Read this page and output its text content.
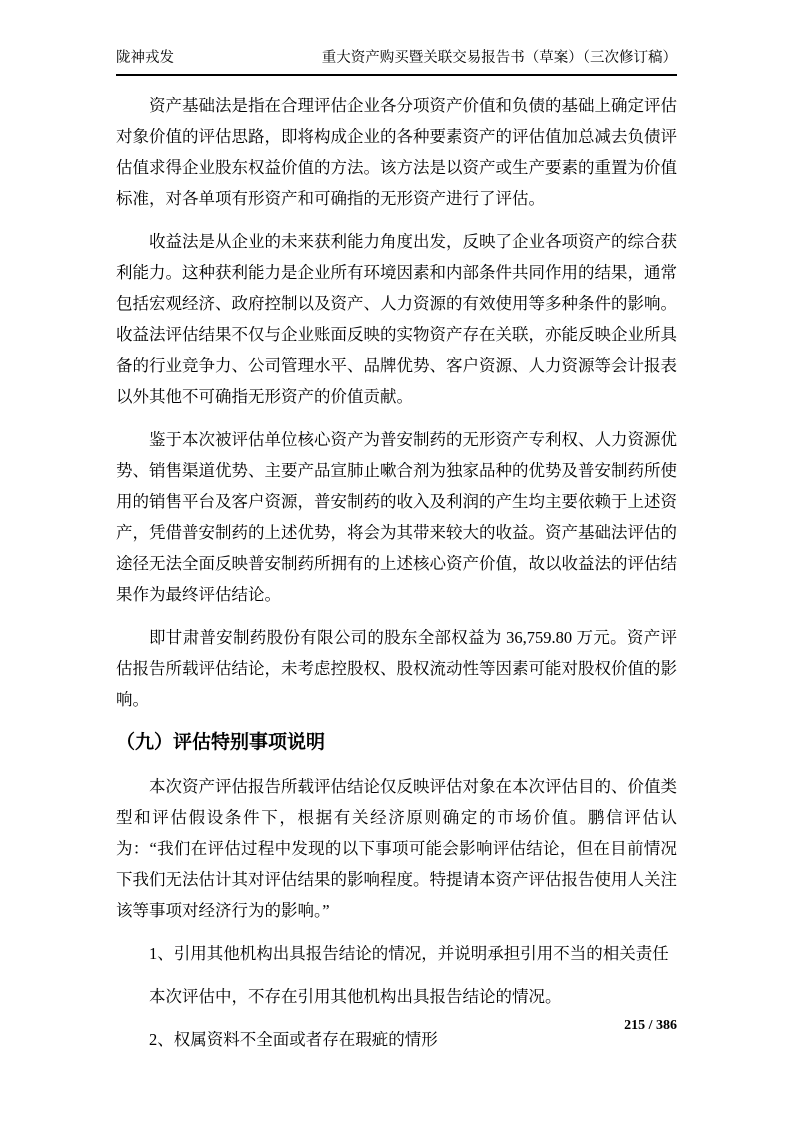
陇神戎发	重大资产购买暨关联交易报告书（草案）（三次修订稿）

资产基础法是指在合理评估企业各分项资产价值和负债的基础上确定评估对象价值的评估思路，即将构成企业的各种要素资产的评估值加总减去负债评估值求得企业股东权益价值的方法。该方法是以资产或生产要素的重置为价值标准，对各单项有形资产和可确指的无形资产进行了评估。

收益法是从企业的未来获利能力角度出发，反映了企业各项资产的综合获利能力。这种获利能力是企业所有环境因素和内部条件共同作用的结果，通常包括宏观经济、政府控制以及资产、人力资源的有效使用等多种条件的影响。收益法评估结果不仅与企业账面反映的实物资产存在关联，亦能反映企业所具备的行业竞争力、公司管理水平、品牌优势、客户资源、人力资源等会计报表以外其他不可确指无形资产的价值贡献。

鉴于本次被评估单位核心资产为普安制药的无形资产专利权、人力资源优势、销售渠道优势、主要产品宣肺止嗽合剂为独家品种的优势及普安制药所使用的销售平台及客户资源，普安制药的收入及利润的产生均主要依赖于上述资产，凭借普安制药的上述优势，将会为其带来较大的收益。资产基础法评估的途径无法全面反映普安制药所拥有的上述核心资产价值，故以收益法的评估结果作为最终评估结论。

即甘肃普安制药股份有限公司的股东全部权益为 36,759.80 万元。资产评估报告所载评估结论，未考虑控股权、股权流动性等因素可能对股权价值的影响。

（九）评估特别事项说明

本次资产评估报告所载评估结论仅反映评估对象在本次评估目的、价值类型和评估假设条件下，根据有关经济原则确定的市场价值。鹏信评估认为：“我们在评估过程中发现的以下事项可能会影响评估结论，但在目前情况下我们无法估计其对评估结果的影响程度。特提请本资产评估报告使用人关注该等事项对经济行为的影响。”

1、引用其他机构出具报告结论的情况，并说明承担引用不当的相关责任

本次评估中，不存在引用其他机构出具报告结论的情况。

2、权属资料不全面或者存在瑕疵的情形

215 / 386
